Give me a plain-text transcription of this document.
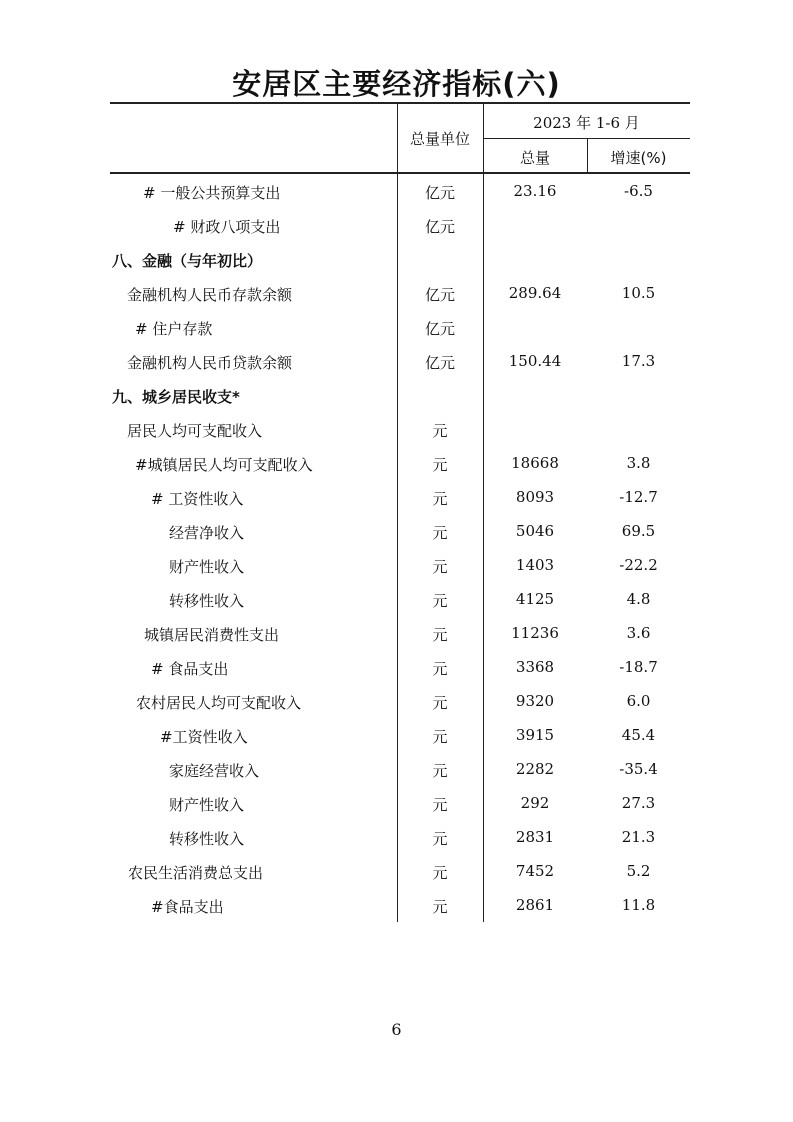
安居区主要经济指标(六)
总量单位
2023 年 1-6 月
总量	增速(%)
# 一般公共预算支出	亿元	23.16	-6.5
# 财政八项支出	亿元
八、金融（与年初比）
金融机构人民币存款余额	亿元	289.64	10.5
# 住户存款	亿元
金融机构人民币贷款余额	亿元	150.44	17.3
九、城乡居民收支*
居民人均可支配收入	元
#城镇居民人均可支配收入	元	18668	3.8
# 工资性收入	元	8093	-12.7
经营净收入	元	5046	69.5
财产性收入	元	1403	-22.2
转移性收入	元	4125	4.8
城镇居民消费性支出	元	11236	3.6
# 食品支出	元	3368	-18.7
农村居民人均可支配收入	元	9320	6.0
#工资性收入	元	3915	45.4
家庭经营收入	元	2282	-35.4
财产性收入	元	292	27.3
转移性收入	元	2831	21.3
农民生活消费总支出	元	7452	5.2
#食品支出	元	2861	11.8
6
